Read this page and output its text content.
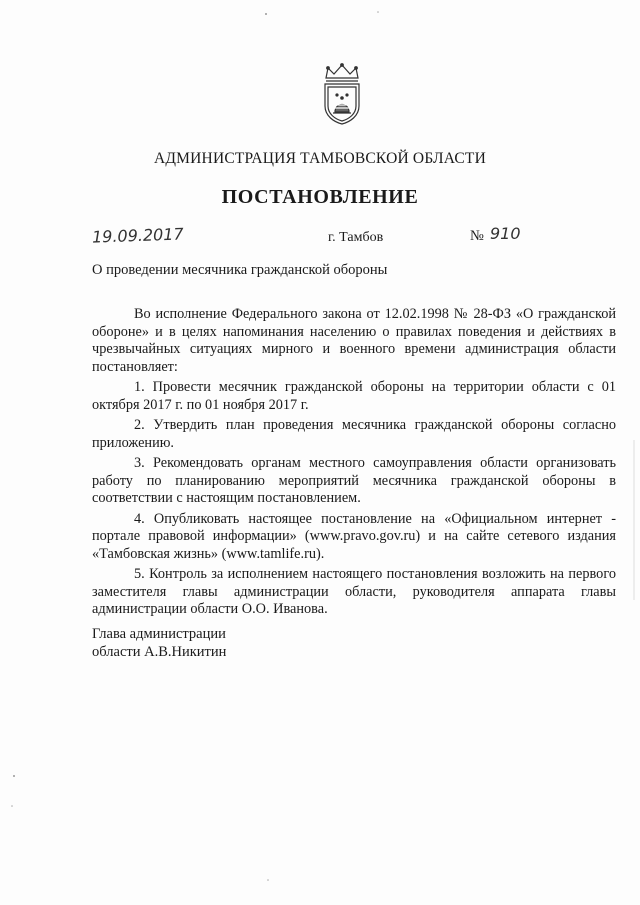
АДМИНИСТРАЦИЯ ТАМБОВСКОЙ ОБЛАСТИ
ПОСТАНОВЛЕНИЕ
19.09.2017	г. Тамбов	№ 910
О проведении месячника гражданской обороны

Во исполнение Федерального закона от 12.02.1998 № 28-ФЗ «О гражданской обороне» и в целях напоминания населению о правилах поведения и действиях в чрезвычайных ситуациях мирного и военного времени администрация области постановляет:

1. Провести месячник гражданской обороны на территории области с 01 октября 2017 г. по 01 ноября 2017 г.

2. Утвердить план проведения месячника гражданской обороны согласно приложению.

3. Рекомендовать органам местного самоуправления области организовать работу по планированию мероприятий месячника гражданской обороны в соответствии с настоящим постановлением.

4. Опубликовать настоящее постановление на «Официальном интернет - портале правовой информации» (www.pravo.gov.ru) и на сайте сетевого издания «Тамбовская жизнь» (www.tamlife.ru).

5. Контроль за исполнением настоящего постановления возложить на первого заместителя главы администрации области, руководителя аппарата главы администрации области О.О. Иванова.

Глава администрации
области А.В.Никитин
